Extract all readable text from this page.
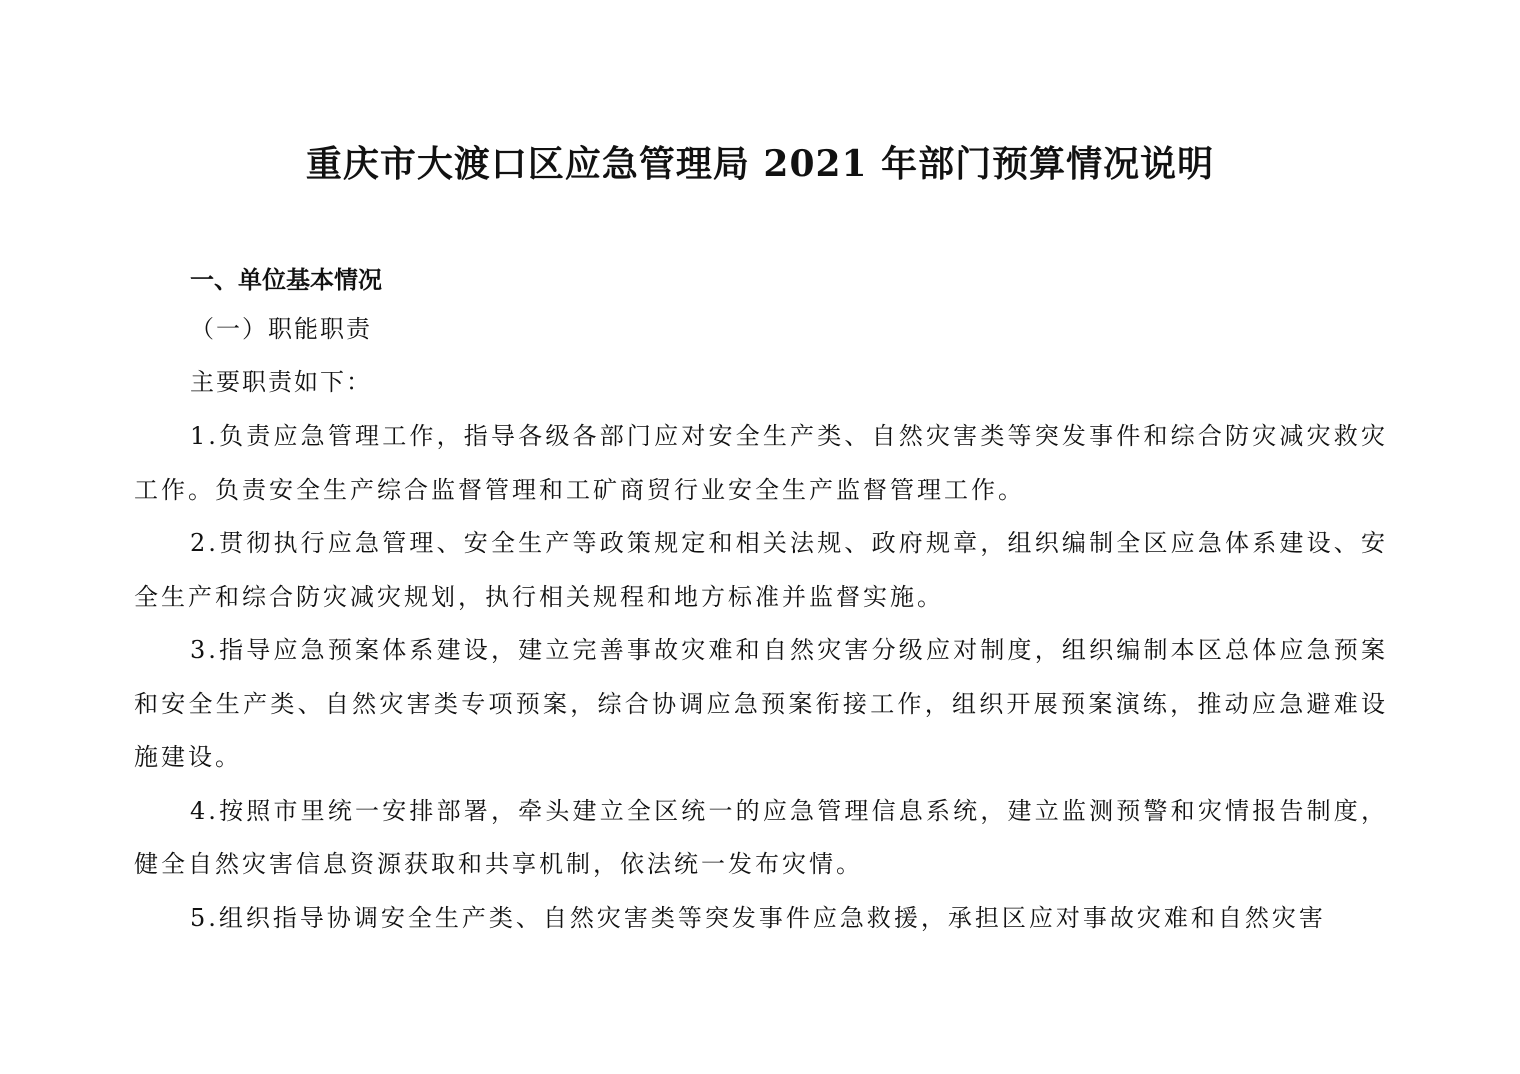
重庆市大渡口区应急管理局 2021 年部门预算情况说明
一、单位基本情况
（一）职能职责
主要职责如下：

1.负责应急管理工作，指导各级各部门应对安全生产类、自然灾害类等突发事件和综合防灾减灾救灾工作。负责安全生产综合监督管理和工矿商贸行业安全生产监督管理工作。

2.贯彻执行应急管理、安全生产等政策规定和相关法规、政府规章，组织编制全区应急体系建设、安全生产和综合防灾减灾规划，执行相关规程和地方标准并监督实施。

3.指导应急预案体系建设，建立完善事故灾难和自然灾害分级应对制度，组织编制本区总体应急预案和安全生产类、自然灾害类专项预案，综合协调应急预案衔接工作，组织开展预案演练，推动应急避难设施建设。

4.按照市里统一安排部署，牵头建立全区统一的应急管理信息系统，建立监测预警和灾情报告制度，健全自然灾害信息资源获取和共享机制，依法统一发布灾情。

5.组织指导协调安全生产类、自然灾害类等突发事件应急救援，承担区应对事故灾难和自然灾害
